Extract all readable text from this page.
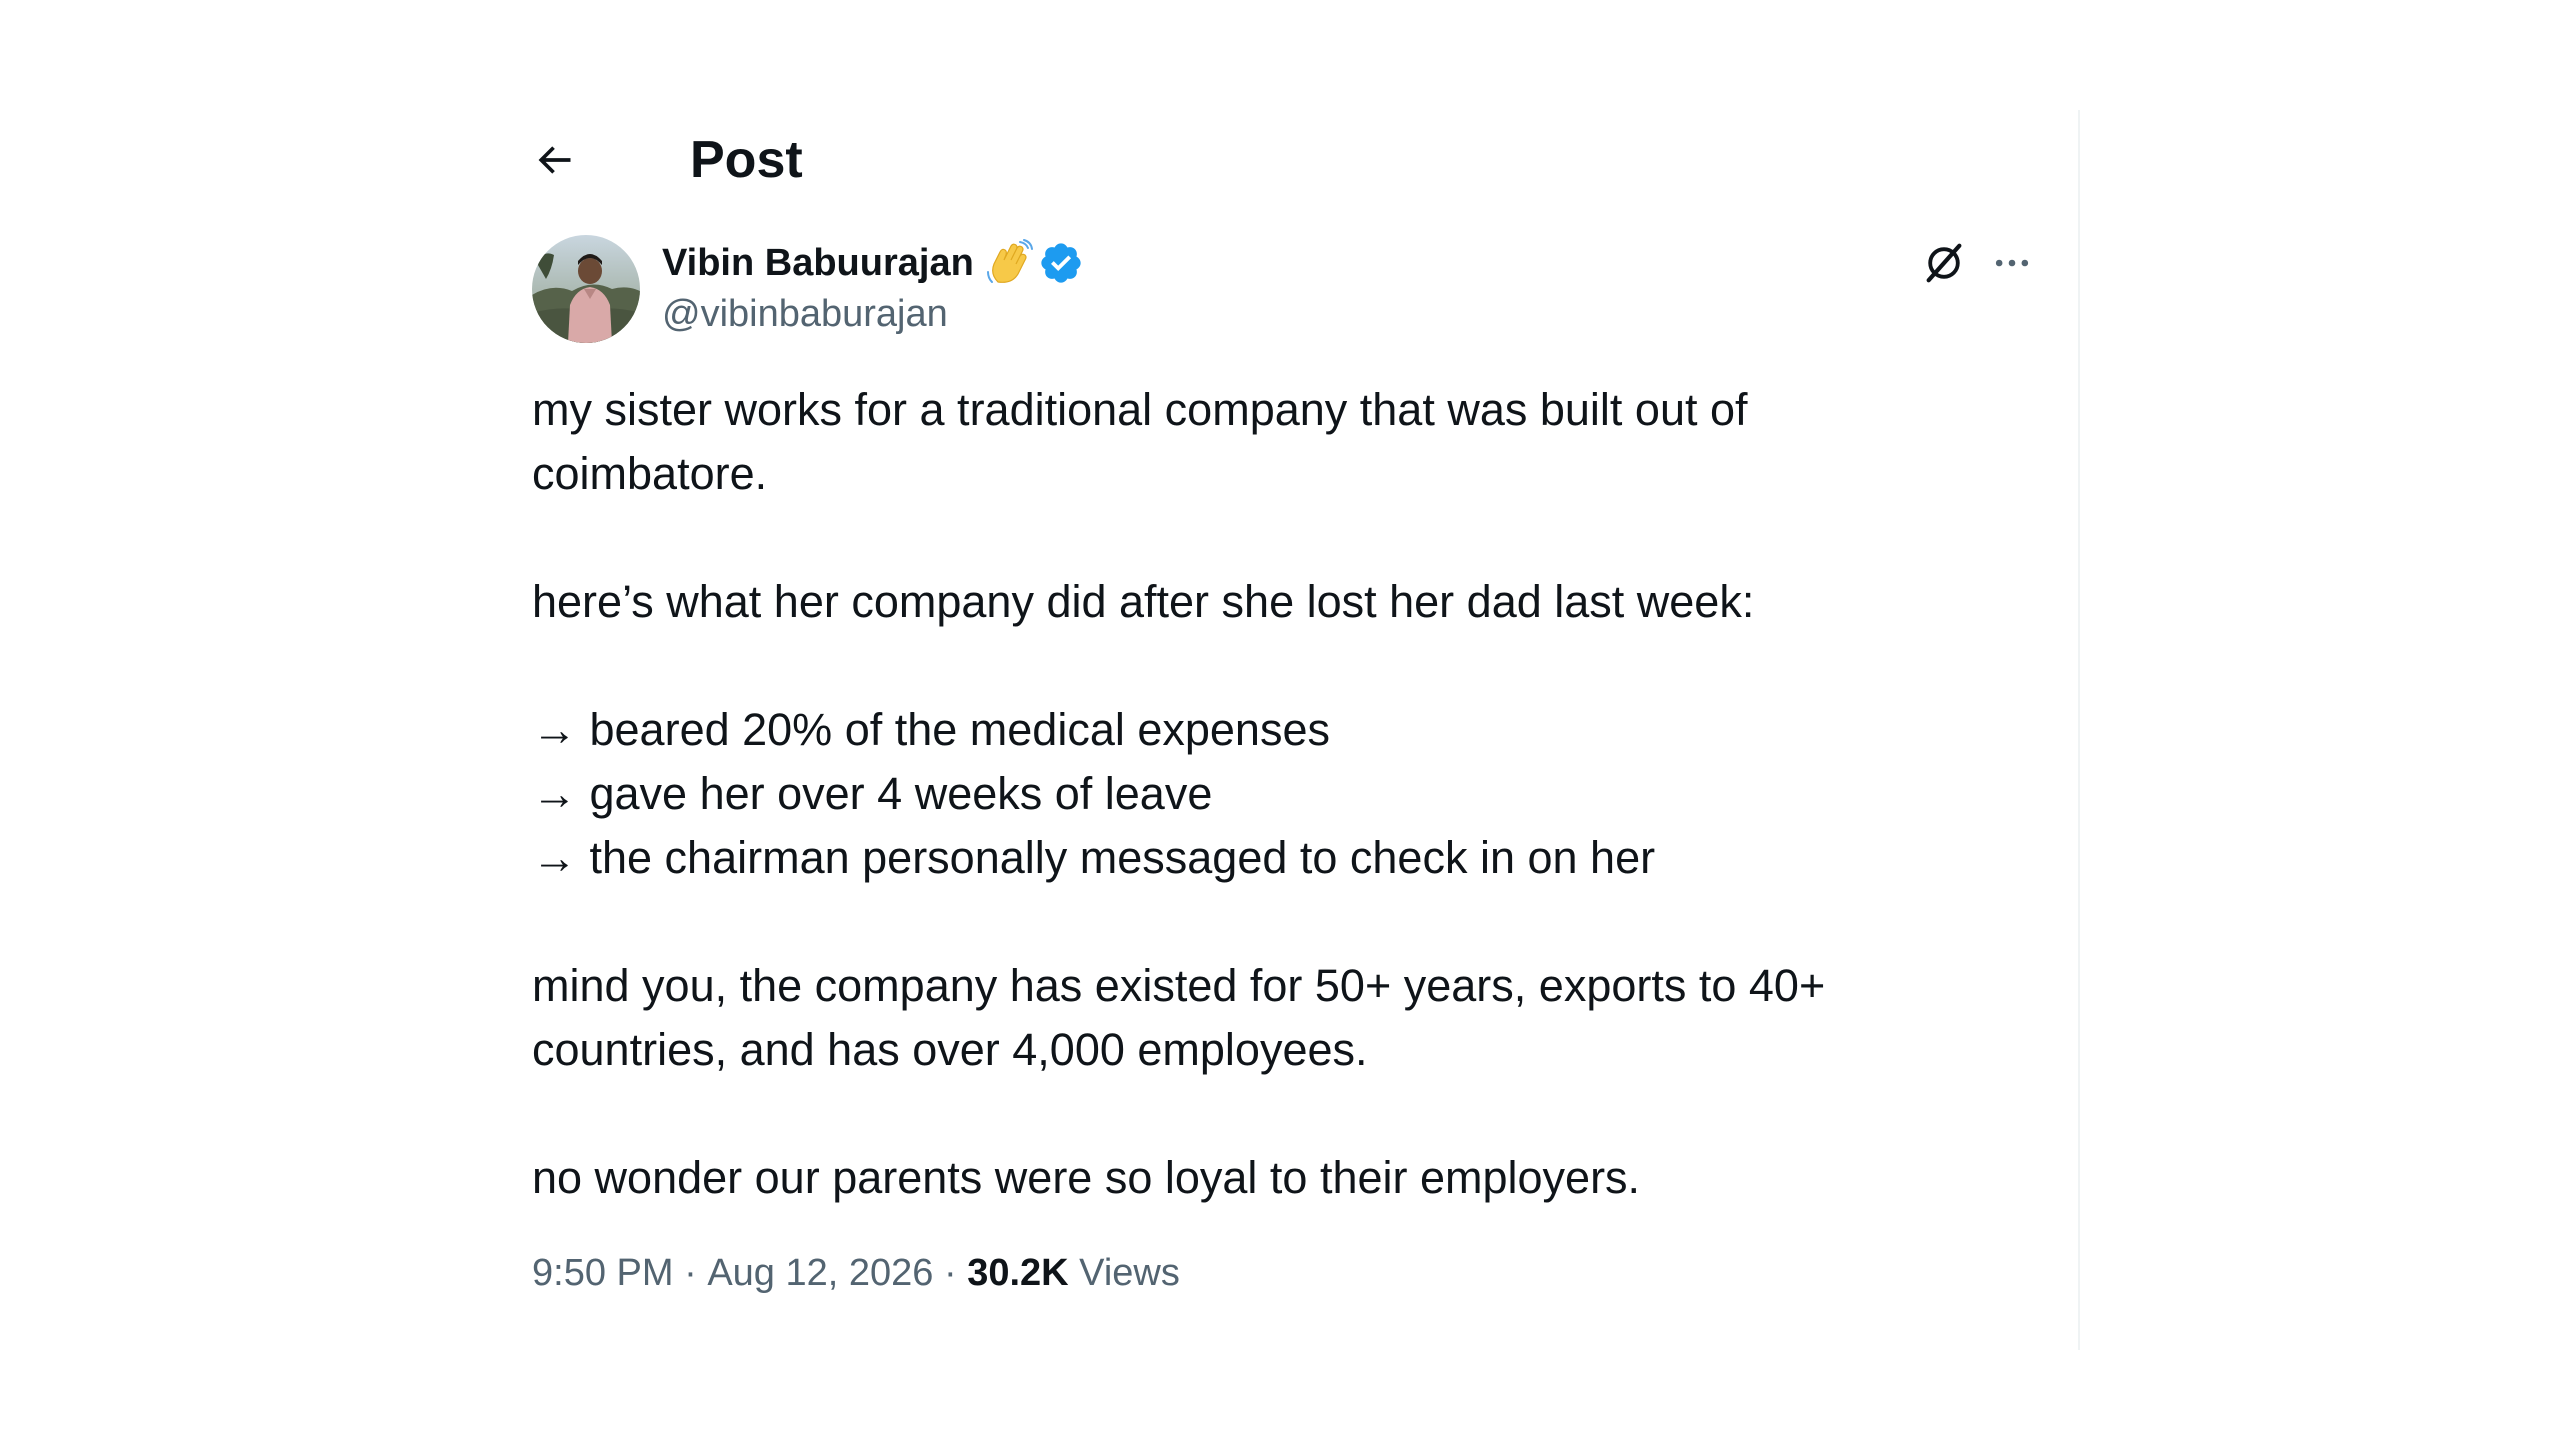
Post
Vibin Babuurajan
@vibinbaburajan

my sister works for a traditional company that was built out of
coimbatore.

here’s what her company did after she lost her dad last week:

→ beared 20% of the medical expenses
→ gave her over 4 weeks of leave
→ the chairman personally messaged to check in on her

mind you, the company has existed for 50+ years, exports to 40+
countries, and has over 4,000 employees.

no wonder our parents were so loyal to their employers.

9:50 PM · Aug 12, 2026 · 30.2K
Views
